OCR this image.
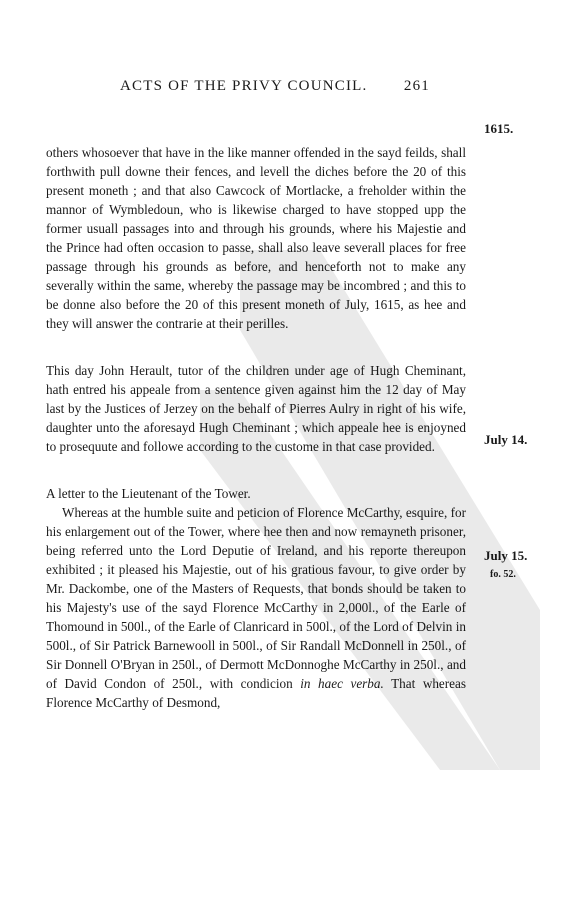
ACTS OF THE PRIVY COUNCIL. 261
1615.
July 14.
July 15.
fo. 52.

others whosoever that have in the like manner offended in the sayd feilds, shall forthwith pull downe their fences, and levell the diches before the 20 of this present moneth ; and that also Cawcock of Mortlacke, a freholder within the mannor of Wymbledoun, who is likewise charged to have stopped upp the former usuall passages into and through his grounds, where his Majestie and the Prince had often occasion to passe, shall also leave severall places for free passage through his grounds as before, and henceforth not to make any severally within the same, whereby the passage may be incombred ; and this to be donne also before the 20 of this present moneth of July, 1615, as hee and they will answer the contrarie at their perilles.

This day John Herault, tutor of the children under age of Hugh Cheminant, hath entred his appeale from a sentence given against him the 12 day of May last by the Justices of Jerzey on the behalf of Pierres Aulry in right of his wife, daughter unto the aforesayd Hugh Cheminant ; which appeale hee is enjoyned to prosequute and followe according to the custome in that case provided.

A letter to the Lieutenant of the Tower.

Whereas at the humble suite and peticion of Florence McCarthy, esquire, for his enlargement out of the Tower, where hee then and now remayneth prisoner, being referred unto the Lord Deputie of Ireland, and his reporte thereupon exhibited ; it pleased his Majestie, out of his gratious favour, to give order by Mr. Dackombe, one of the Masters of Requests, that bonds should be taken to his Majesty's use of the sayd Florence McCarthy in 2,000l., of the Earle of Thomound in 500l., of the Earle of Clanricard in 500l., of the Lord of Delvin in 500l., of Sir Patrick Barnewooll in 500l., of Sir Randall McDonnell in 250l., of Sir Donnell O'Bryan in 250l., of Dermott McDonnoghe McCarthy in 250l., and of David Condon of 250l., with condicion in haec verba. That whereas Florence McCarthy of Desmond,
